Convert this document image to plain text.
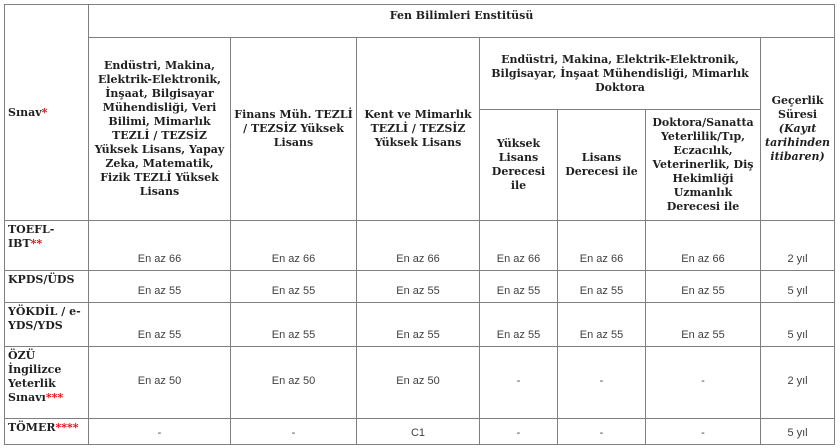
Sınav*	Fen Bilimleri Enstitüsü						
	Endüstri, Makina, Elektrik-Elektronik, İnşaat, Bilgisayar Mühendisliği, Veri Bilimi, Mimarlık TEZLİ / TEZSİZ Yüksek Lisans, Yapay Zeka, Matematik, Fizik TEZLİ Yüksek Lisans	Finans Müh. TEZLİ / TEZSİZ Yüksek Lisans	Kent ve Mimarlık TEZLİ / TEZSİZ Yüksek Lisans	Endüstri, Makina, Elektrik-Elektronik, Bilgisayar, İnşaat Mühendisliği, Mimarlık Doktora			Geçerlik Süresi
(Kayıt tarihinden itibaren)
				Yüksek Lisans Derecesi ile	Lisans Derecesi ile	Doktora/Sanatta Yeterlilik/Tıp, Eczacılık, Veterinerlik, Diş Hekimliği Uzmanlık Derecesi ile	
TOEFL-IBT**	En az 66	En az 66	En az 66	En az 66	En az 66	En az 66	2 yıl
KPDS/ÜDS	En az 55	En az 55	En az 55	En az 55	En az 55	En az 55	5 yıl
YÖKDİL / e-YDS/YDS	En az 55	En az 55	En az 55	En az 55	En az 55	En az 55	5 yıl
ÖZÜ İngilizce Yeterlik Sınavı***	En az 50	En az 50	En az 50	-	-	-	2 yıl
TÖMER****	-	-	C1	-	-	-	5 yıl
